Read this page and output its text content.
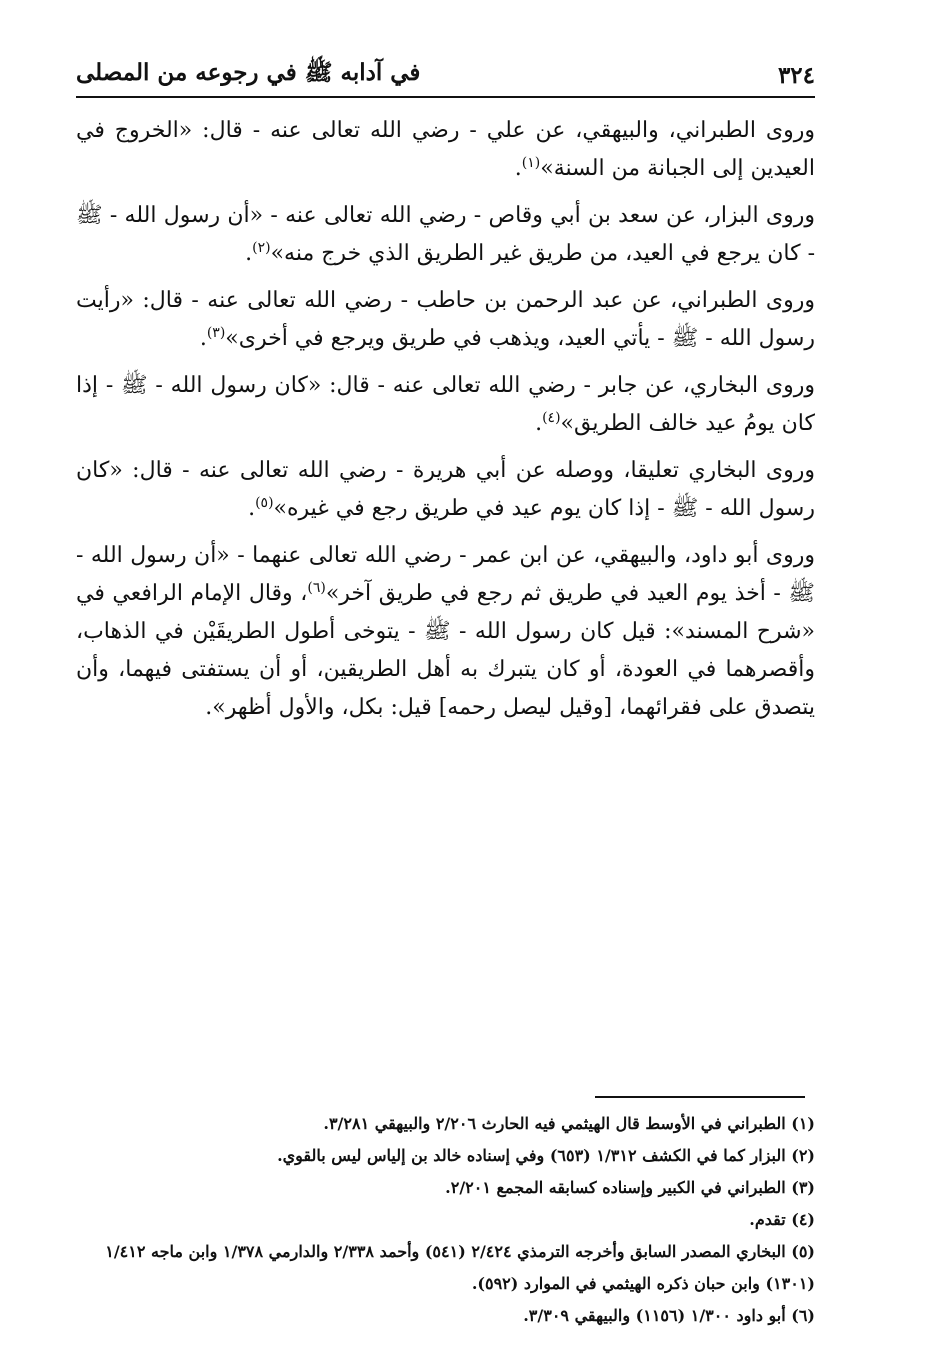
٣٢٤
في آدابه ﷺ في رجوعه من المصلى

وروى الطبراني، والبيهقي، عن علي - رضي الله تعالى عنه - قال: «الخروج في العيدين إلى الجبانة من السنة»$^{(١)}$.

وروى البزار، عن سعد بن أبي وقاص - رضي الله تعالى عنه - «أن رسول الله - ﷺ - كان يرجع في العيد، من طريق غير الطريق الذي خرج منه»$^{(٢)}$.

وروى الطبراني، عن عبد الرحمن بن حاطب - رضي الله تعالى عنه - قال: «رأيت رسول الله - ﷺ - يأتي العيد، ويذهب في طريق ويرجع في أخرى»$^{(٣)}$.

وروى البخاري، عن جابر - رضي الله تعالى عنه - قال: «كان رسول الله - ﷺ - إذا كان يومُ عيد خالف الطريق»$^{(٤)}$.

وروى البخاري تعليقا، ووصله عن أبي هريرة - رضي الله تعالى عنه - قال: «كان رسول الله - ﷺ - إذا كان يوم عيد في طريق رجع في غيره»$^{(٥)}$.

وروى أبو داود، والبيهقي، عن ابن عمر - رضي الله تعالى عنهما - «أن رسول الله - ﷺ - أخذ يوم العيد في طريق ثم رجع في طريق آخر»$^{(٦)}$، وقال الإمام الرافعي في «شرح المسند»: قيل كان رسول الله - ﷺ - يتوخى أطول الطريقَيْن في الذهاب، وأقصرهما في العودة، أو كان يتبرك به أهل الطريقين، أو أن يستفتى فيهما، وأن يتصدق على فقرائهما، [وقيل ليصل رحمه] قيل: بكل، والأول أظهر».

(١) الطبراني في الأوسط قال الهيثمي فيه الحارث ٢/٢٠٦ والبيهقي ٣/٢٨١.

(٢) البزار كما في الكشف ١/٣١٢ (٦٥٣) وفي إسناده خالد بن إلياس ليس بالقوي.

(٣) الطبراني في الكبير وإسناده كسابقه المجمع ٢/٢٠١.

(٤) تقدم.

(٥) البخاري المصدر السابق وأخرجه الترمذي ٢/٤٢٤ (٥٤١) وأحمد ٢/٣٣٨ والدارمي ١/٣٧٨ وابن ماجه ١/٤١٢ (١٣٠١) وابن حبان ذكره الهيثمي في الموارد (٥٩٢).

(٦) أبو داود ١/٣٠٠ (١١٥٦) والبيهقي ٣/٣٠٩.
